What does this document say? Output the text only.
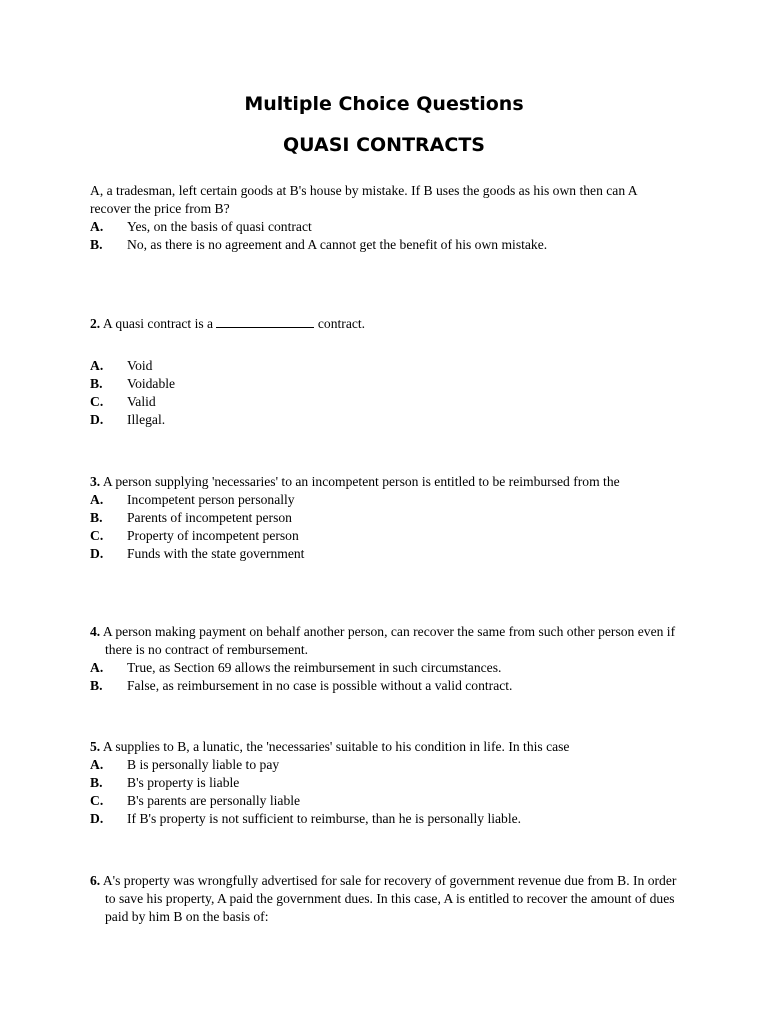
Multiple Choice Questions
QUASI CONTRACTS

A, a tradesman, left certain goods at B's house by mistake. If B uses the goods as his own then can A recover the price from B?

A.	Yes, on the basis of quasi contract
B.	No, as there is no agreement and A cannot get the benefit of his own mistake.

2. A quasi contract is a	contract.

A.	Void
B.	Voidable
C.	Valid
D.	Illegal.

3. A person supplying 'necessaries' to an incompetent person is entitled to be reimbursed from the

A.	Incompetent person personally
B.	Parents of incompetent person
C.	Property of incompetent person
D.	Funds with the state government

4. A person making payment on behalf another person, can recover the same from such other person even if there is no contract of rembursement.

A.	True, as Section 69 allows the reimbursement in such circumstances.
B.	False, as reimbursement in no case is possible without a valid contract.

5. A supplies to B, a lunatic, the 'necessaries' suitable to his condition in life. In this case

A.	B is personally liable to pay
B.	B's property is liable
C.	B's parents are personally liable
D.	If B's property is not sufficient to reimburse, than he is personally liable.

6. A's property was wrongfully advertised for sale for recovery of government revenue due from B. In order to save his property, A paid the government dues. In this case, A is entitled to recover the amount of dues paid by him B on the basis of:
